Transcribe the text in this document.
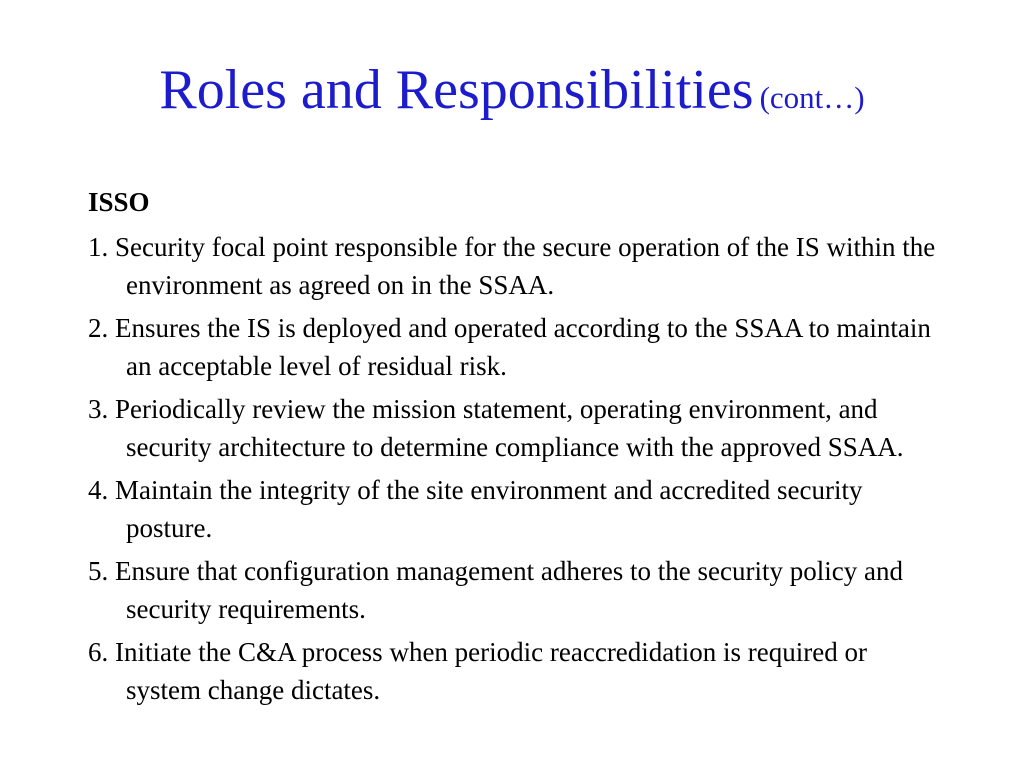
Roles and Responsibilities (cont…)
ISSO
1. Security focal point responsible for the secure operation of the IS within the environment as agreed on in the SSAA.
2. Ensures the IS is deployed and operated according to the SSAA to maintain an acceptable level of residual risk.
3. Periodically review the mission statement, operating environment, and security architecture to determine compliance with the approved SSAA.
4. Maintain the integrity of the site environment and accredited security posture.
5. Ensure that configuration management adheres to the security policy and security requirements.
6. Initiate the C&A process when periodic reaccredidation is required or system change dictates.
